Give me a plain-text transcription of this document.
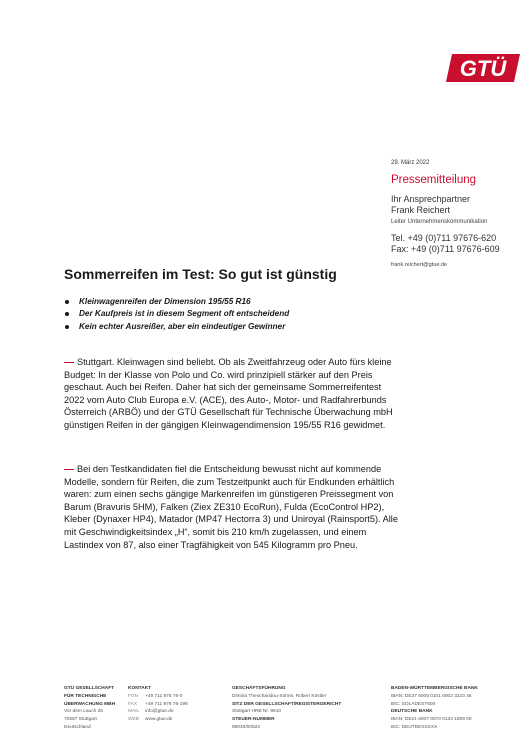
GTÜ
29. März 2022
Pressemitteilung
Ihr Ansprechpartner
Frank Reichert
Leiter Unternehmenskommunikation
Tel. +49 (0)711 97676-620
Fax: +49 (0)711 97676-609
frank.reichert@gtue.de
Sommerreifen im Test: So gut ist günstig
Kleinwagenreifen der Dimension 195/55 R16
Der Kaufpreis ist in diesem Segment oft entscheidend
Kein echter Ausreißer, aber ein eindeutiger Gewinner

Stuttgart. Kleinwagen sind beliebt. Ob als Zweitfahrzeug oder Auto fürs kleine Budget: In der Klasse von Polo und Co. wird prinzipiell stärker auf den Preis geschaut. Auch bei Reifen. Daher hat sich der gemeinsame Sommerreifentest 2022 vom Auto Club Europa e.V. (ACE), des Auto-, Motor- und Radfahrerbunds Österreich (ARBÖ) und der GTÜ Gesellschaft für Technische Überwachung mbH günstigen Reifen in der gängigen Kleinwagendimension 195/55 R16 gewidmet.

Bei den Testkandidaten fiel die Entscheidung bewusst nicht auf kommende Modelle, sondern für Reifen, die zum Testzeitpunkt auch für Endkunden erhältlich waren: zum einen sechs gängige Markenreifen im günstigeren Preissegment von Barum (Bravuris 5HM), Falken (Ziex ZE310 EcoRun), Fulda (EcoControl HP2), Kleber (Dynaxer HP4), Matador (MP47 Hectorra 3) und Uniroyal (Rainsport5). Alle mit Geschwindigkeitsindex „H“, somit bis 210 km/h zugelassen, und einem Lastindex von 87, also einer Tragfähigkeit von 545 Kilogramm pro Pneu.

GTÜ GESELLSCHAFT
FÜR TECHNISCHE
ÜBERWACHUNG MBH
Vor dem Lauch 25
70567 Stuttgart
Deutschland
KONTAKT
FON	+49 711 976 76-0
FAX	+49 711 976 76-199
MAIL	info@gtue.de
WEB	www.gtue.de
GESCHÄFTSFÜHRUNG
Dimitra Theocharidou-Sohns, Robert Köstler
SITZ DER GESELLSCHAFT/REGISTERGERICHT
Stuttgart HRB Nr. 9610
STEUER-NUMMER
99040/00522
BADEN-WÜRTTEMBERGISCHE BANK
IBAN: DE37 6005 0101 0002 3223 46
BIC: SOLADEST600
DEUTSCHE BANK
IBAN: DE21 6007 0070 0134 1809 00
BIC: DEUTDESSXXX
